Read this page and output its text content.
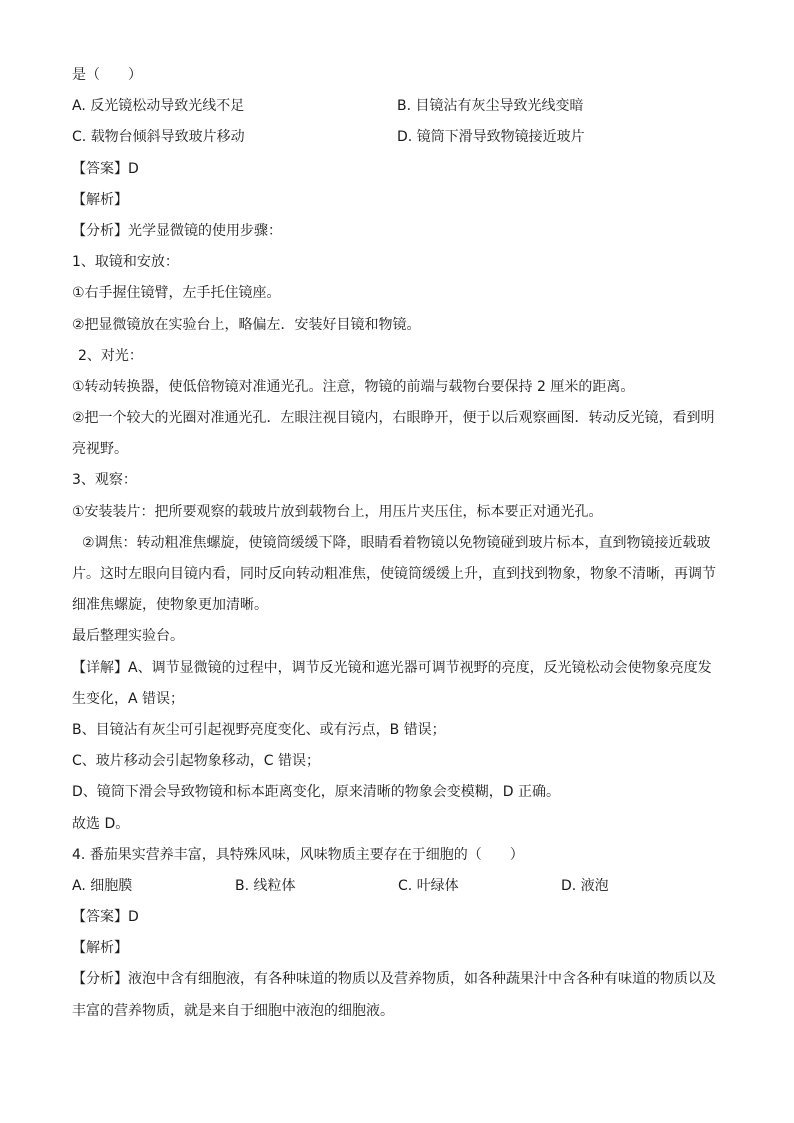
是（　　）
A. 反光镜松动导致光线不足	B. 目镜沾有灰尘导致光线变暗
C. 载物台倾斜导致玻片移动	D. 镜筒下滑导致物镜接近玻片
【答案】D
【解析】
【分析】光学显微镜的使用步骤：
1、取镜和安放：
①右手握住镜臂，左手托住镜座。
②把显微镜放在实验台上，略偏左．安装好目镜和物镜。
2、对光：
①转动转换器，使低倍物镜对准通光孔。注意，物镜的前端与载物台要保持 2 厘米的距离。
②把一个较大的光圈对准通光孔．左眼注视目镜内，右眼睁开，便于以后观察画图．转动反光镜，看到明
亮视野。
3、观察：
①安装装片：把所要观察的载玻片放到载物台上，用压片夹压住，标本要正对通光孔。
②调焦：转动粗准焦螺旋，使镜筒缓缓下降，眼睛看着物镜以免物镜碰到玻片标本，直到物镜接近载玻
片。这时左眼向目镜内看，同时反向转动粗准焦，使镜筒缓缓上升，直到找到物象，物象不清晰，再调节
细准焦螺旋，使物象更加清晰。
最后整理实验台。
【详解】A、调节显微镜的过程中，调节反光镜和遮光器可调节视野的亮度，反光镜松动会使物象亮度发
生变化，A 错误；
B、目镜沾有灰尘可引起视野亮度变化、或有污点，B 错误；
C、玻片移动会引起物象移动，C 错误；
D、镜筒下滑会导致物镜和标本距离变化，原来清晰的物象会变模糊，D 正确。
故选 D。
4. 番茄果实营养丰富，具特殊风味，风味物质主要存在于细胞的（　　）
A. 细胞膜	B. 线粒体	C. 叶绿体	D. 液泡
【答案】D
【解析】
【分析】液泡中含有细胞液，有各种味道的物质以及营养物质，如各种蔬果汁中含各种有味道的物质以及
丰富的营养物质，就是来自于细胞中液泡的细胞液。
